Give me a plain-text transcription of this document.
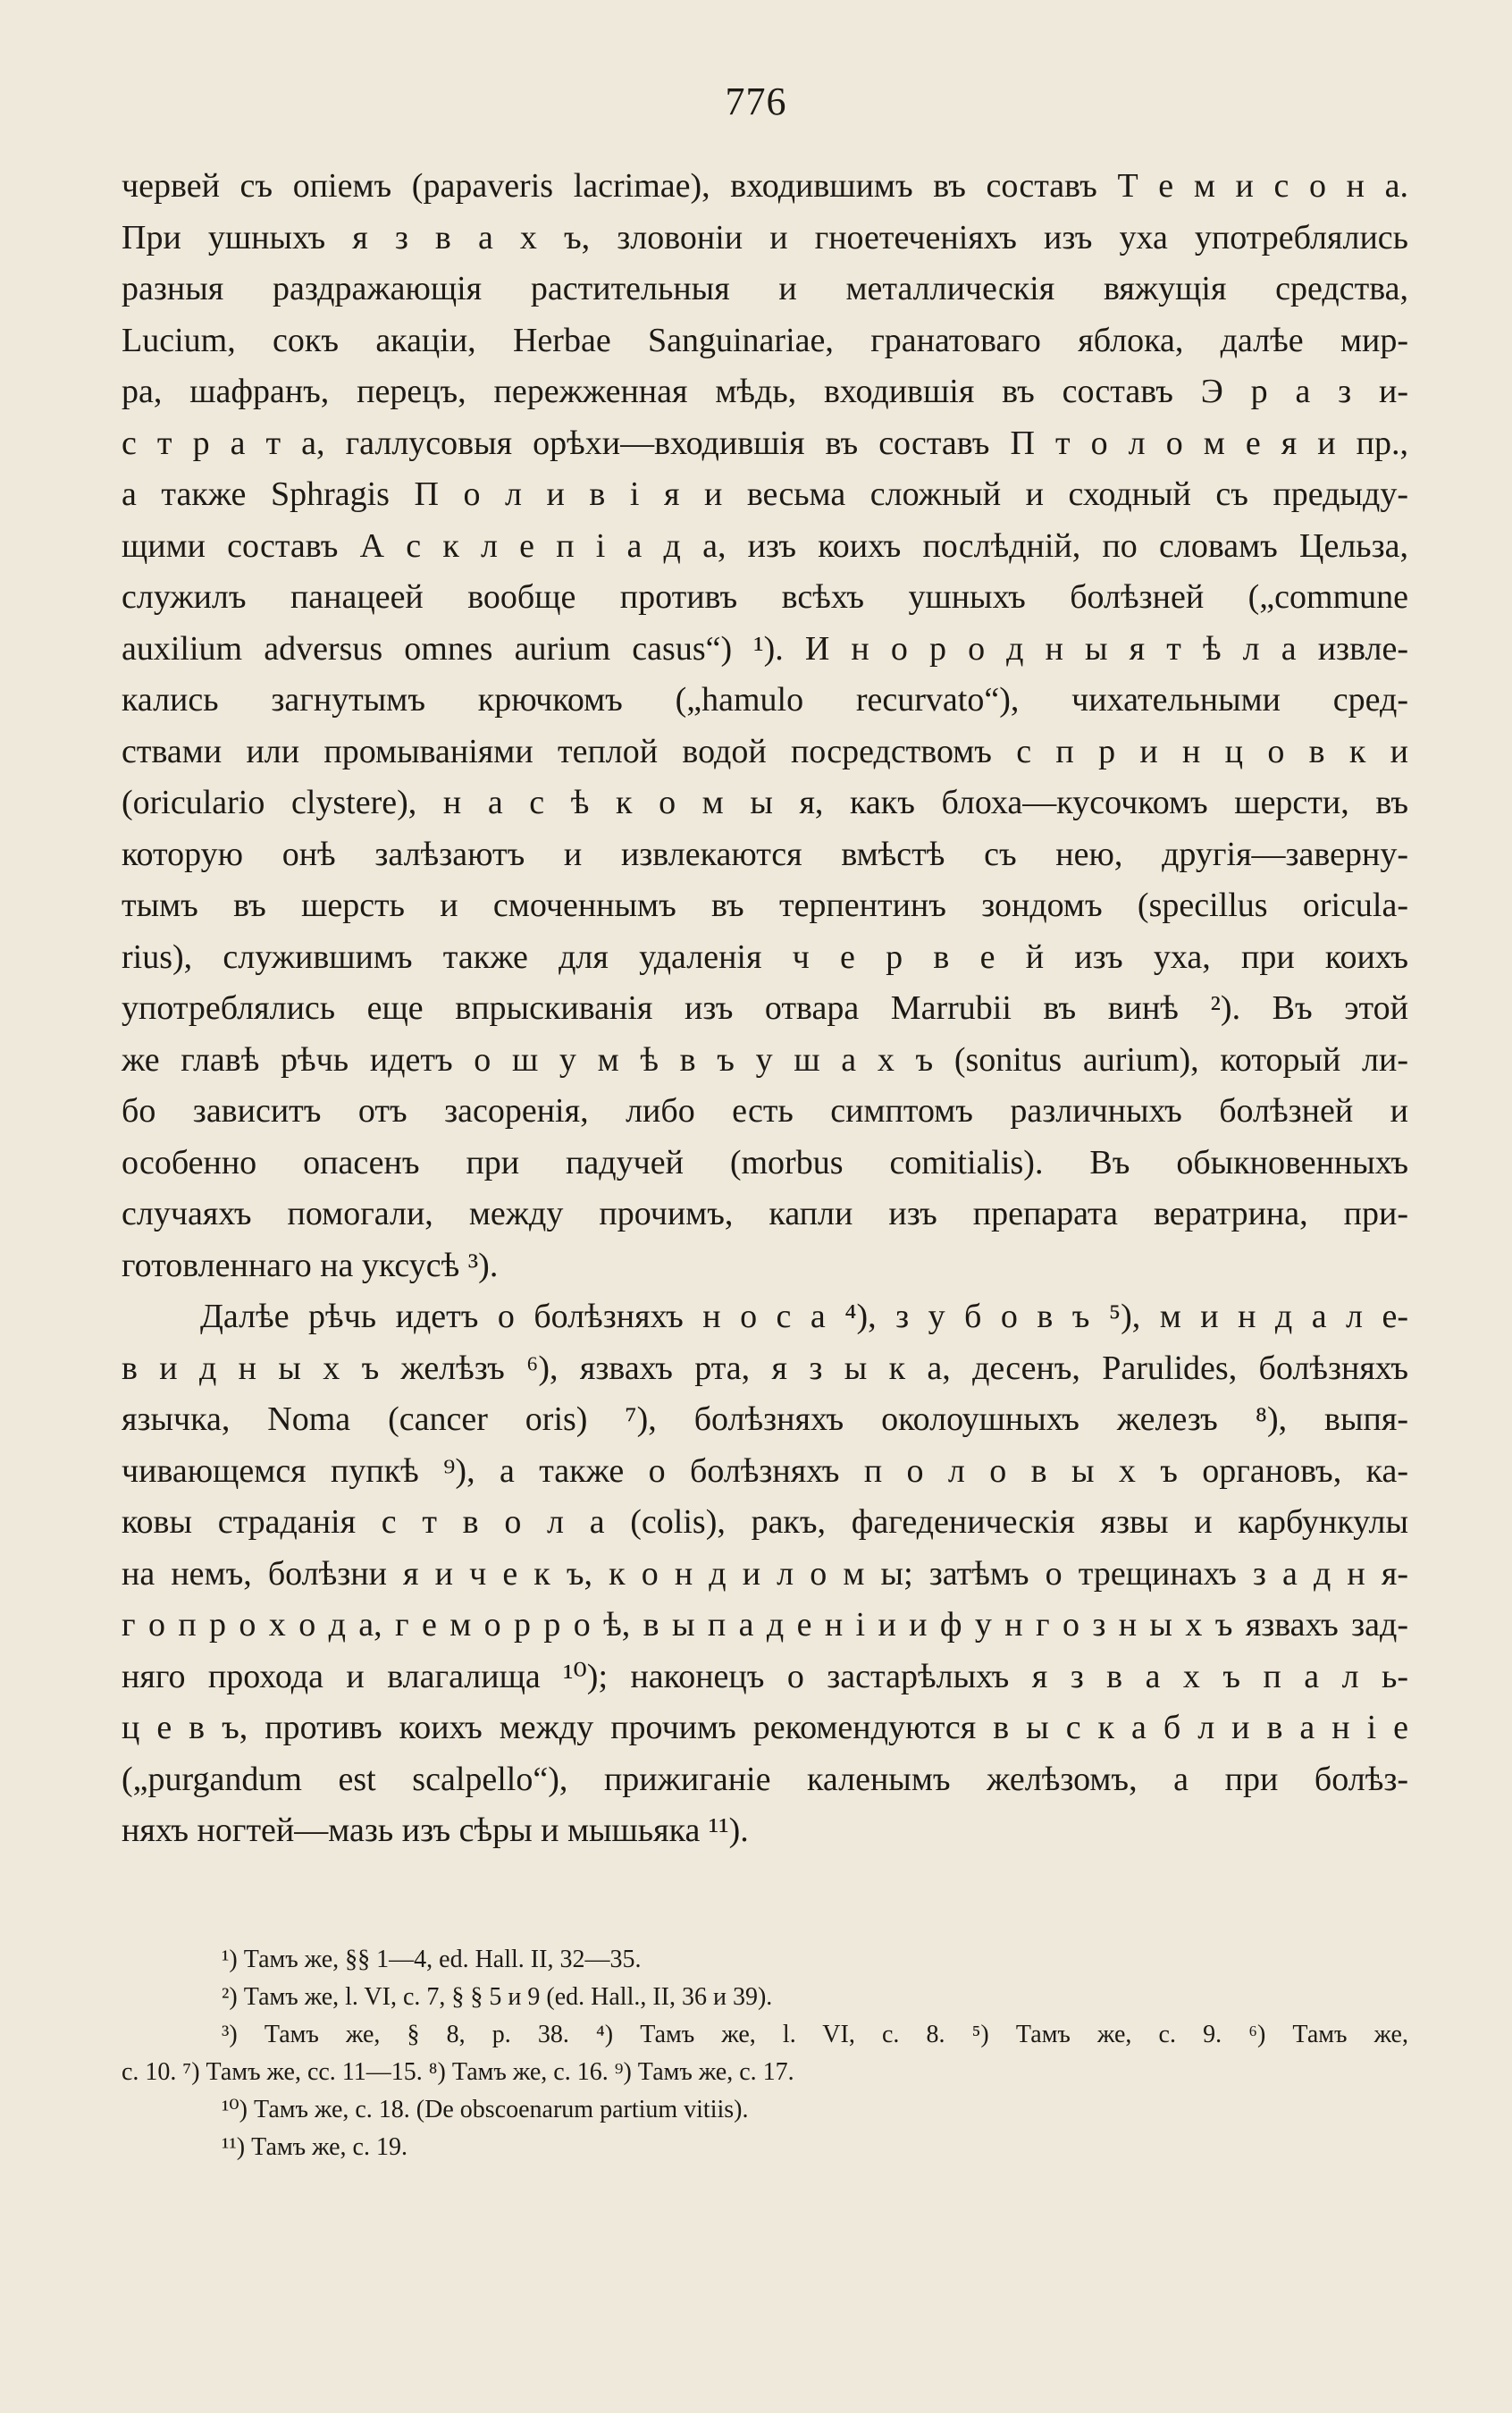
776
червей съ опіемъ (papaveris lacrimae), входившимъ въ составъ Т е м и с о н а.
При ушныхъ я з в а х ъ, зловоніи и гноетеченіяхъ изъ уха употреблялись
разныя раздражающія растительныя и металлическія вяжущія средства,
Lucium, сокъ акаціи, Herbae Sanguinariae, гранатоваго яблока, далѣе мир-
ра, шафранъ, перецъ, пережженная мѣдь, входившія въ составъ Э р а з и-
с т р а т а, галлусовыя орѣхи—входившія въ составъ П т о л о м е я и пр.,
а также Sphragis П о л и в і я и весьма сложный и сходный съ предыду-
щими составъ А с к л е п і а д а, изъ коихъ послѣдній, по словамъ Цельза,
служилъ панацеей вообще противъ всѣхъ ушныхъ болѣзней („commune
auxilium adversus omnes aurium casus“) ¹). И н о р о д н ы я т ѣ л а извле-
кались загнутымъ крючкомъ („hamulo recurvato“), чихательными сред-
ствами или промываніями теплой водой посредствомъ с п р и н ц о в к и
(oriculario clystere), н а с ѣ к о м ы я, какъ блоха—кусочкомъ шерсти, въ
которую онѣ залѣзаютъ и извлекаются вмѣстѣ съ нею, другія—заверну-
тымъ въ шерсть и смоченнымъ въ терпентинъ зондомъ (specillus oricula-
rius), служившимъ также для удаленія ч е р в е й изъ уха, при коихъ
употреблялись еще впрыскиванія изъ отвара Marrubii въ винѣ ²). Въ этой
же главѣ рѣчь идетъ о ш у м ѣ в ъ у ш а х ъ (sonitus aurium), который ли-
бо зависитъ отъ засоренія, либо есть симптомъ различныхъ болѣзней и
особенно опасенъ при падучей (morbus comitialis). Въ обыкновенныхъ
случаяхъ помогали, между прочимъ, капли изъ препарата вератрина, при-
готовленнаго на уксусѣ ³).
Далѣе рѣчь идетъ о болѣзняхъ н о с а ⁴), з у б о в ъ ⁵), м и н д а л е-
в и д н ы х ъ желѣзъ ⁶), язвахъ рта, я з ы к а, десенъ, Parulides, болѣзняхъ
язычка, Noma (cancer oris) ⁷), болѣзняхъ околоушныхъ железъ ⁸), выпя-
чивающемся пупкѣ ⁹), а также о болѣзняхъ п о л о в ы х ъ органовъ, ка-
ковы страданія с т в о л а (colis), ракъ, фагеденическія язвы и карбункулы
на немъ, болѣзни я и ч е к ъ, к о н д и л о м ы; затѣмъ о трещинахъ з а д н я-
г о п р о х о д а, г е м о р р о ѣ, в ы п а д е н і и и ф у н г о з н ы х ъ язвахъ зад-
няго прохода и влагалища ¹⁰); наконецъ о застарѣлыхъ я з в а х ъ п а л ь-
ц е в ъ, противъ коихъ между прочимъ рекомендуются в ы с к а б л и в а н і е
(„purgandum est scalpello“), прижиганіе каленымъ желѣзомъ, а при болѣз-
няхъ ногтей—мазь изъ сѣры и мышьяка ¹¹).
¹) Тамъ же, §§ 1—4, ed. Hall. II, 32—35.
²) Тамъ же, l. VI, c. 7, § § 5 и 9 (ed. Hall., II, 36 и 39).
³) Тамъ же, § 8, p. 38. ⁴) Тамъ же, l. VI, c. 8. ⁵) Тамъ же, c. 9. ⁶) Тамъ же,
c. 10. ⁷) Тамъ же, cc. 11—15. ⁸) Тамъ же, c. 16. ⁹) Тамъ же, c. 17.
¹⁰) Тамъ же, c. 18. (De obscoenarum partium vitiis).
¹¹) Тамъ же, c. 19.
